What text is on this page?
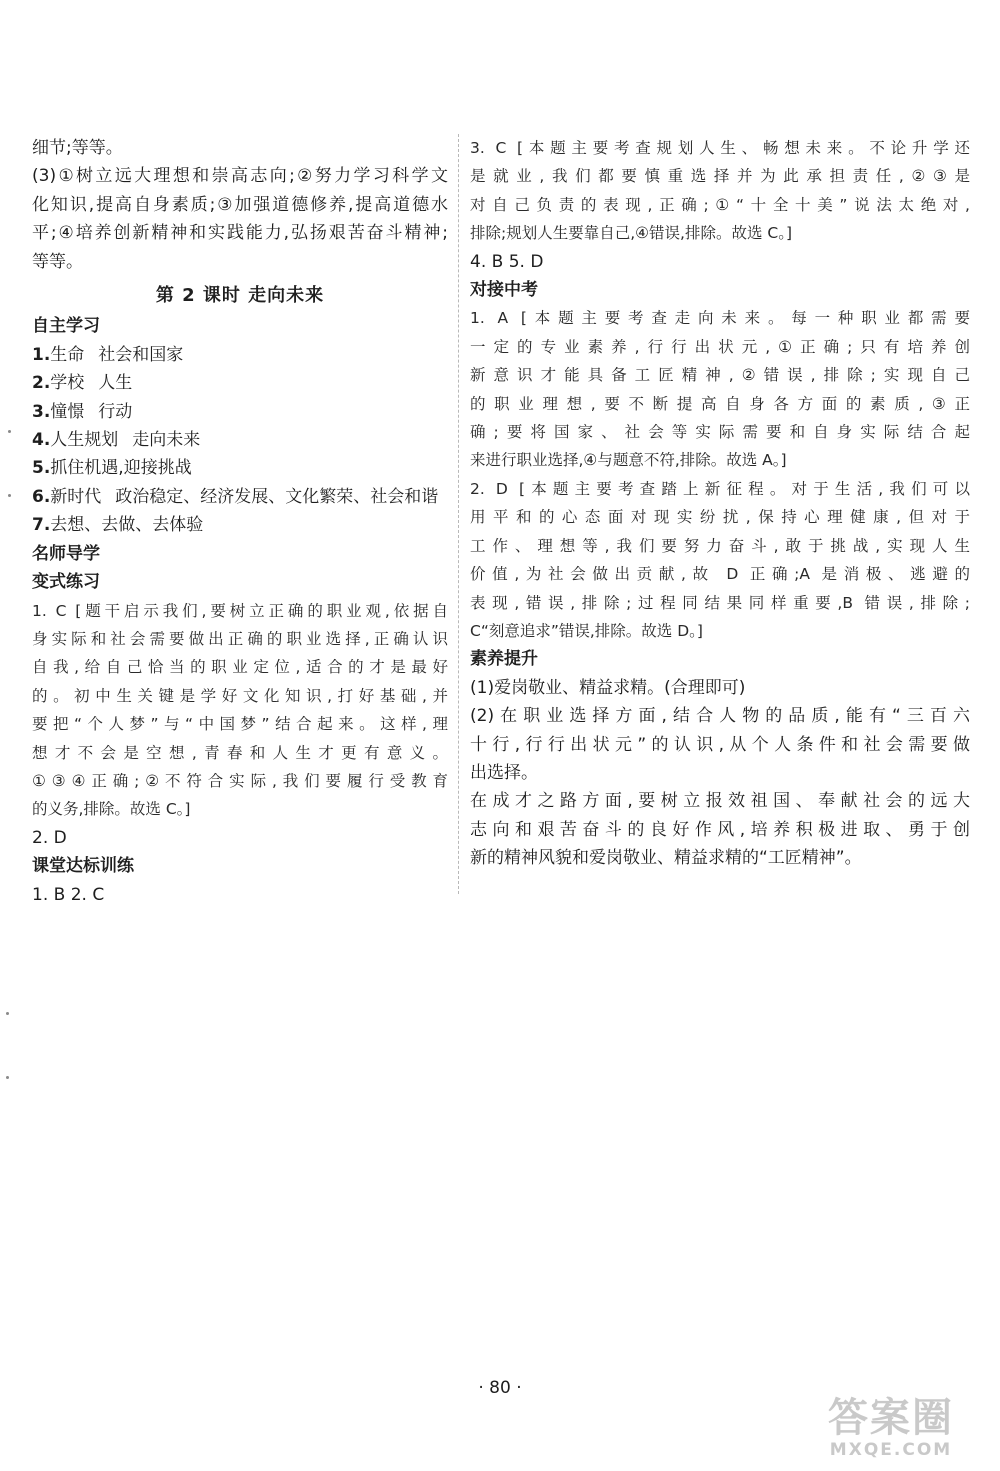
细节;等等。
(3)①树立远大理想和崇高志向;②努力学习科学文
化知识,提高自身素质;③加强道德修养,提高道德水
平;④培养创新精神和实践能力,弘扬艰苦奋斗精神;
等等。
第 2 课时 走向未来
自主学习
1.生命 社会和国家
2.学校 人生
3.憧憬 行动
4.人生规划 走向未来
5.抓住机遇,迎接挑战
6.新时代 政治稳定、经济发展、文化繁荣、社会和谐
7.去想、去做、去体验
名师导学
变式练习
1. C [题干启示我们,要树立正确的职业观,依据自
身实际和社会需要做出正确的职业选择,正确认识
自我,给自己恰当的职业定位,适合的才是最好
的。初中生关键是学好文化知识,打好基础,并
要把“个人梦”与“中国梦”结合起来。这样,理
想才不会是空想,青春和人生才更有意义。
①③④正确;②不符合实际,我们要履行受教育
的义务,排除。故选 C。]
2. D
课堂达标训练
1. B 2. C
3. C [本题主要考查规划人生、畅想未来。不论升学还
是就业,我们都要慎重选择并为此承担责任,②③是
对自己负责的表现,正确;①“十全十美”说法太绝对,
排除;规划人生要靠自己,④错误,排除。故选 C。]
4. B 5. D
对接中考
1. A [本题主要考查走向未来。每一种职业都需要
一定的专业素养,行行出状元,①正确;只有培养创
新意识才能具备工匠精神,②错误,排除;实现自己
的职业理想,要不断提高自身各方面的素质,③正
确;要将国家、社会等实际需要和自身实际结合起
来进行职业选择,④与题意不符,排除。故选 A。]
2. D [本题主要考查踏上新征程。对于生活,我们可以
用平和的心态面对现实纷扰,保持心理健康,但对于
工作、理想等,我们要努力奋斗,敢于挑战,实现人生
价值,为社会做出贡献,故 D 正确;A 是消极、逃避的
表现,错误,排除;过程同结果同样重要,B 错误,排除;
C“刻意追求”错误,排除。故选 D。]
素养提升
(1)爱岗敬业、精益求精。(合理即可)
(2)在职业选择方面,结合人物的品质,能有“三百六
十行,行行出状元”的认识,从个人条件和社会需要做
出选择。
在成才之路方面,要树立报效祖国、奉献社会的远大
志向和艰苦奋斗的良好作风,培养积极进取、勇于创
新的精神风貌和爱岗敬业、精益求精的“工匠精神”。
· 80 ·
答案圈
MXQE.COM
